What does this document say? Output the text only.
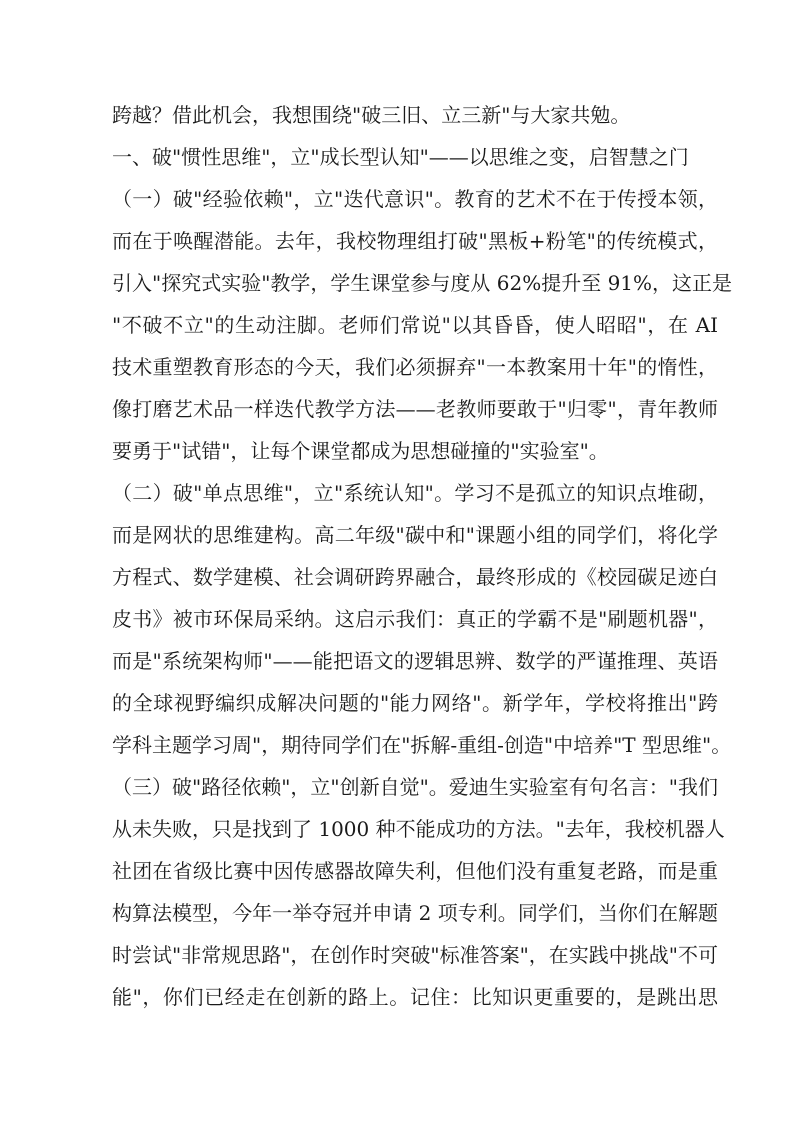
跨越？借此机会，我想围绕"破三旧、立三新"与大家共勉。
一、破"惯性思维"，立"成长型认知"——以思维之变，启智慧之门
（一）破"经验依赖"，立"迭代意识"。教育的艺术不在于传授本领，
而在于唤醒潜能。去年，我校物理组打破"黑板+粉笔"的传统模式，
引入"探究式实验"教学，学生课堂参与度从 62%提升至 91%，这正是
"不破不立"的生动注脚。老师们常说"以其昏昏，使人昭昭"，在 AI
技术重塑教育形态的今天，我们必须摒弃"一本教案用十年"的惰性，
像打磨艺术品一样迭代教学方法——老教师要敢于"归零"，青年教师
要勇于"试错"，让每个课堂都成为思想碰撞的"实验室"。
（二）破"单点思维"，立"系统认知"。学习不是孤立的知识点堆砌，
而是网状的思维建构。高二年级"碳中和"课题小组的同学们，将化学
方程式、数学建模、社会调研跨界融合，最终形成的《校园碳足迹白
皮书》被市环保局采纳。这启示我们：真正的学霸不是"刷题机器"，
而是"系统架构师"——能把语文的逻辑思辨、数学的严谨推理、英语
的全球视野编织成解决问题的"能力网络"。新学年，学校将推出"跨
学科主题学习周"，期待同学们在"拆解-重组-创造"中培养"T 型思维"。
（三）破"路径依赖"，立"创新自觉"。爱迪生实验室有句名言："我们
从未失败，只是找到了 1000 种不能成功的方法。"去年，我校机器人
社团在省级比赛中因传感器故障失利，但他们没有重复老路，而是重
构算法模型，今年一举夺冠并申请 2 项专利。同学们，当你们在解题
时尝试"非常规思路"，在创作时突破"标准答案"，在实践中挑战"不可
能"，你们已经走在创新的路上。记住：比知识更重要的，是跳出思
